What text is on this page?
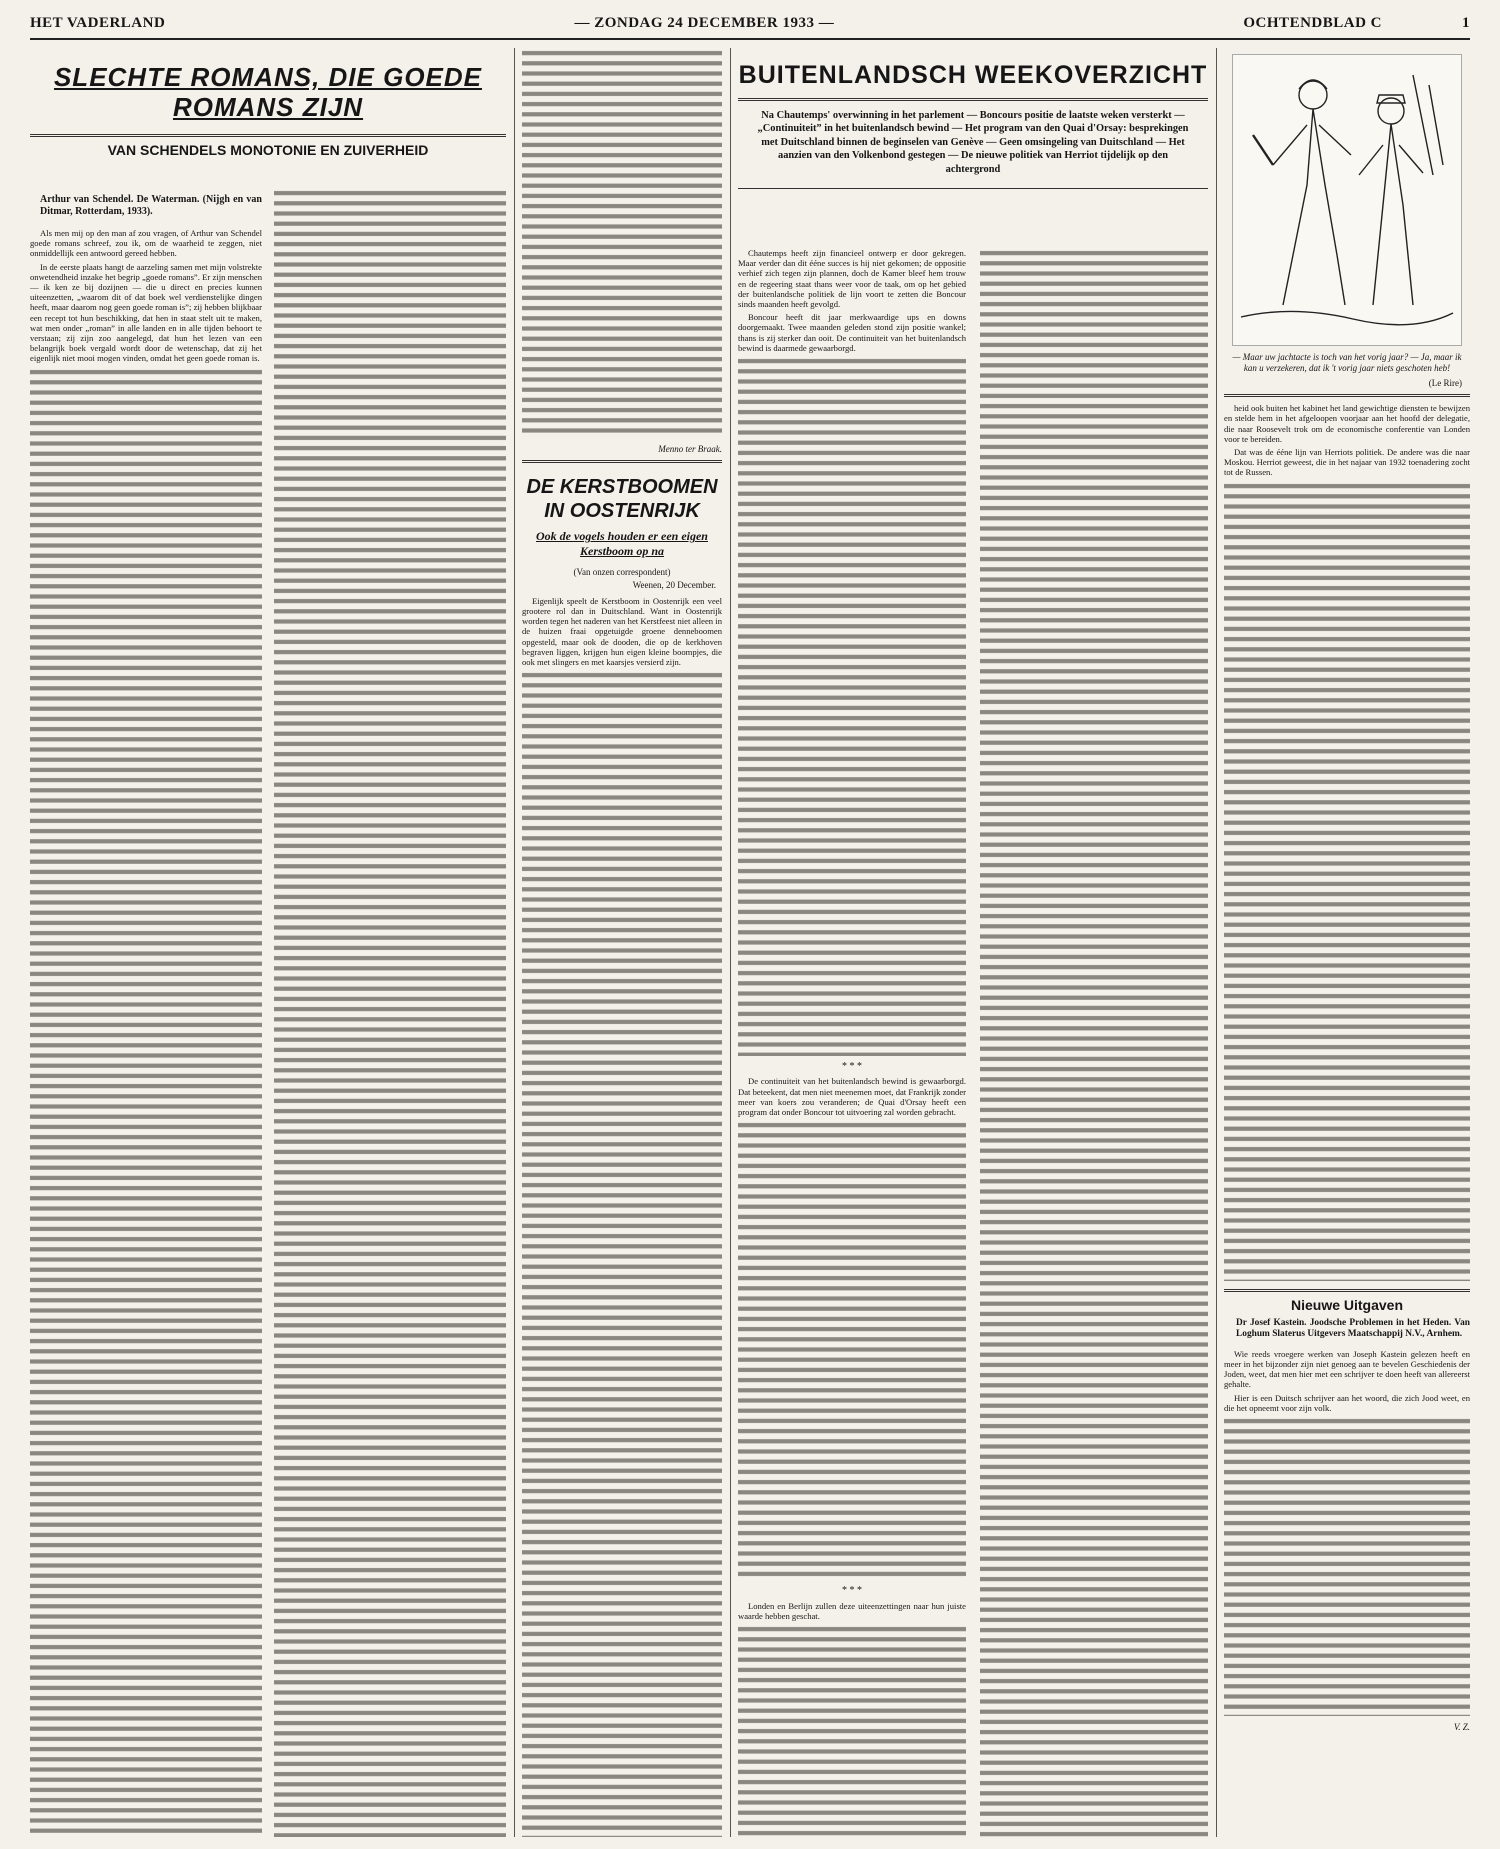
HET VADERLAND	— ZONDAG 24 DECEMBER 1933 —	OCHTENDBLAD C	1
SLECHTE ROMANS, DIE GOEDE ROMANS ZIJN
VAN SCHENDELS MONOTONIE EN ZUIVERHEID
Arthur van Schendel. De Waterman. (Nijgh en van Ditmar, Rotterdam, 1933).

Als men mij op den man af zou vragen, of Arthur van Schendel goede romans schreef, zou ik, om de waarheid te zeggen, niet onmiddellijk een antwoord gereed hebben.

In de eerste plaats hangt de aarzeling samen met mijn volstrekte onwetendheid inzake het begrip „goede romans”. Er zijn menschen — ik ken ze bij dozijnen — die u direct en precies kunnen uiteenzetten, „waarom dit of dat boek wel verdienstelijke dingen heeft, maar daarom nog geen goede roman is”; zij hebben blijkbaar een recept tot hun beschikking, dat hen in staat stelt uit te maken, wat men onder „roman” in alle landen en in alle tijden behoort te verstaan; zij zijn zoo aangelegd, dat hun het lezen van een belangrijk boek vergald wordt door de wetenschap, dat zij het eigenlijk niet mooi mogen vinden, omdat het geen goede roman is.

Menno ter Braak.
DE KERSTBOOMEN IN OOSTENRIJK
Ook de vogels houden er een eigen Kerstboom op na
(Van onzen correspondent)
Weenen, 20 December.

Eigenlijk speelt de Kerstboom in Oostenrijk een veel grootere rol dan in Duitschland. Want in Oostenrijk worden tegen het naderen van het Kerstfeest niet alleen in de huizen fraai opgetuigde groene denneboomen opgesteld, maar ook de dooden, die op de kerkhoven begraven liggen, krijgen hun eigen kleine boompjes, die ook met slingers en met kaarsjes versierd zijn.

BUITENLANDSCH WEEKOVERZICHT
Na Chautemps' overwinning in het parlement — Boncours positie de laatste weken versterkt — „Continuiteit” in het buitenlandsch bewind — Het program van den Quai d'Orsay: besprekingen met Duitschland binnen de beginselen van Genève — Geen omsingeling van Duitschland — Het aanzien van den Volkenbond gestegen — De nieuwe politiek van Herriot tijdelijk op den achtergrond

Chautemps heeft zijn financieel ontwerp er door gekregen. Maar verder dan dit ééne succes is hij niet gekomen; de oppositie verhief zich tegen zijn plannen, doch de Kamer bleef hem trouw en de regeering staat thans weer voor de taak, om op het gebied der buitenlandsche politiek de lijn voort te zetten die Boncour sinds maanden heeft gevolgd.

Boncour heeft dit jaar merkwaardige ups en downs doorgemaakt. Twee maanden geleden stond zijn positie wankel; thans is zij sterker dan ooit. De continuiteit van het buitenlandsch bewind is daarmede gewaarborgd.

* * *

De continuiteit van het buitenlandsch bewind is gewaarborgd. Dat beteekent, dat men niet meenemen moet, dat Frankrijk zonder meer van koers zou veranderen; de Quai d'Orsay heeft een program dat onder Boncour tot uitvoering zal worden gebracht.

* * *

Londen en Berlijn zullen deze uiteenzettingen naar hun juiste waarde hebben geschat.

— Maar uw jachtacte is toch van het vorig jaar? — Ja, maar ik kan u verzekeren, dat ik 't vorig jaar niets geschoten heb!
(Le Rire)

heid ook buiten het kabinet het land gewichtige diensten te bewijzen en stelde hem in het afgeloopen voorjaar aan het hoofd der delegatie, die naar Roosevelt trok om de economische conferentie van Londen voor te bereiden.

Dat was de ééne lijn van Herriots politiek. De andere was die naar Moskou. Herriot geweest, die in het najaar van 1932 toenadering zocht tot de Russen.

Nieuwe Uitgaven
Dr Josef Kastein. Joodsche Problemen in het Heden. Van Loghum Slaterus Uitgevers Maatschappij N.V., Arnhem.

Wie reeds vroegere werken van Joseph Kastein gelezen heeft en meer in het bijzonder zijn niet genoeg aan te bevelen Geschiedenis der Joden, weet, dat men hier met een schrijver te doen heeft van allereerst gehalte.

Hier is een Duitsch schrijver aan het woord, die zich Jood weet, en die het opneemt voor zijn volk.

V. Z.
